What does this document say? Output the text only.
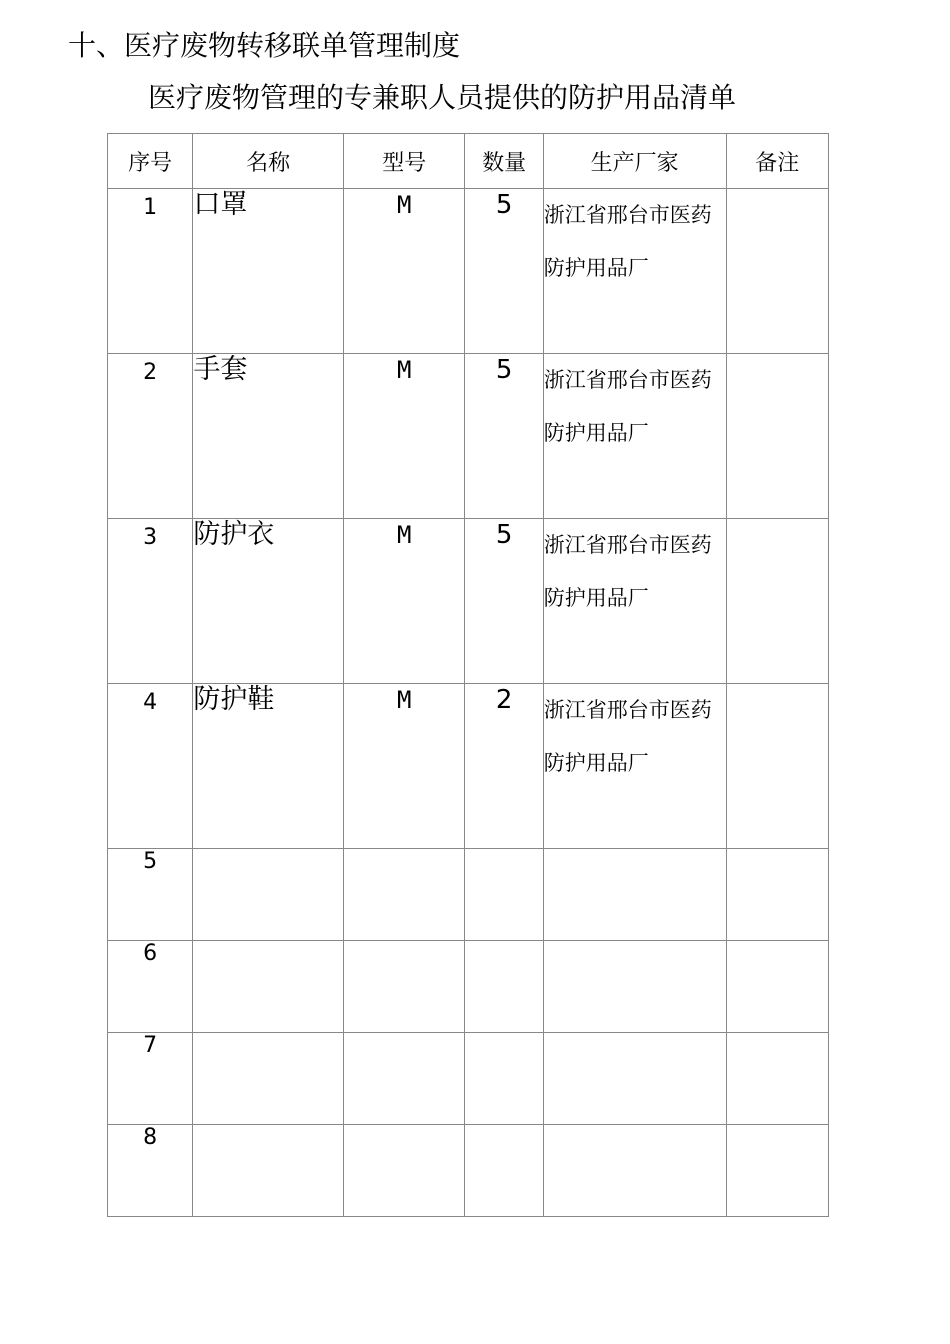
十、医疗废物转移联单管理制度
医疗废物管理的专兼职人员提供的防护用品清单
序号	名称	型号	数量	生产厂家	备注
1	口罩	M	5	浙江省邢台市医药防护用品厂	
2	手套	M	5	浙江省邢台市医药防护用品厂	
3	防护衣	M	5	浙江省邢台市医药防护用品厂	
4	防护鞋	M	2	浙江省邢台市医药防护用品厂	
5					
6					
7					
8					
